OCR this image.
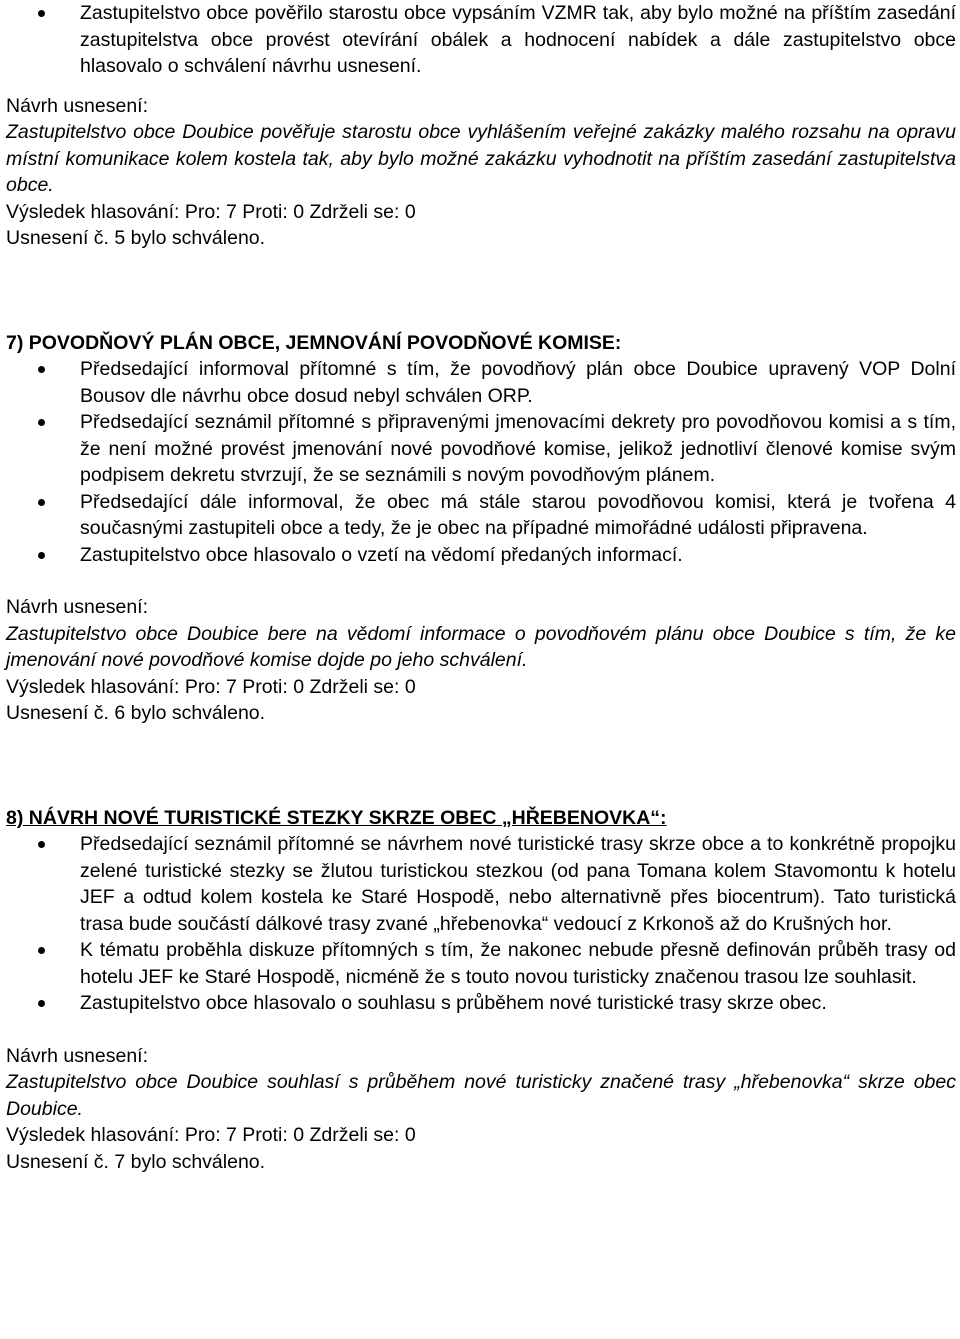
Zastupitelstvo obce pověřilo starostu obce vypsáním VZMR tak, aby bylo možné na příštím zasedání zastupitelstva obce provést otevírání obálek a hodnocení nabídek a dále zastupitelstvo obce hlasovalo o schválení návrhu usnesení.

Návrh usnesení:

Zastupitelstvo obce Doubice pověřuje starostu obce vyhlášením veřejné zakázky malého rozsahu na opravu místní komunikace kolem kostela tak, aby bylo možné zakázku vyhodnotit na příštím zasedání zastupitelstva obce.

Výsledek hlasování: Pro: 7 Proti: 0 Zdrželi se: 0

Usnesení č. 5 bylo schváleno.

7) POVODŇOVÝ PLÁN OBCE, JEMNOVÁNÍ POVODŇOVÉ KOMISE:

Předsedající informoval přítomné s tím, že povodňový plán obce Doubice upravený VOP Dolní Bousov dle návrhu obce dosud nebyl schválen ORP.
Předsedající seznámil přítomné s připravenými jmenovacími dekrety pro povodňovou komisi a s tím, že není možné provést jmenování nové povodňové komise, jelikož jednotliví členové komise svým podpisem dekretu stvrzují, že se seznámili s novým povodňovým plánem.
Předsedající dále informoval, že obec má stále starou povodňovou komisi, která je tvořena 4 současnými zastupiteli obce a tedy, že je obec na případné mimořádné události připravena.
Zastupitelstvo obce hlasovalo o vzetí na vědomí předaných informací.

Návrh usnesení:

Zastupitelstvo obce Doubice bere na vědomí informace o povodňovém plánu obce Doubice s tím, že ke jmenování nové povodňové komise dojde po jeho schválení.

Výsledek hlasování: Pro: 7 Proti: 0 Zdrželi se: 0

Usnesení č. 6 bylo schváleno.

8) NÁVRH NOVÉ TURISTICKÉ STEZKY SKRZE OBEC „HŘEBENOVKA“:

Předsedající seznámil přítomné se návrhem nové turistické trasy skrze obce a to konkrétně propojku zelené turistické stezky se žlutou turistickou stezkou (od pana Tomana kolem Stavomontu k hotelu JEF a odtud kolem kostela ke Staré Hospodě, nebo alternativně přes biocentrum). Tato turistická trasa bude součástí dálkové trasy zvané „hřebenovka“ vedoucí z Krkonoš až do Krušných hor.
K tématu proběhla diskuze přítomných s tím, že nakonec nebude přesně definován průběh trasy od hotelu JEF ke Staré Hospodě, nicméně že s touto novou turisticky značenou trasou lze souhlasit.
Zastupitelstvo obce hlasovalo o souhlasu s průběhem nové turistické trasy skrze obec.

Návrh usnesení:

Zastupitelstvo obce Doubice souhlasí s průběhem nové turisticky značené trasy „hřebenovka“ skrze obec Doubice.

Výsledek hlasování: Pro: 7 Proti: 0 Zdrželi se: 0

Usnesení č. 7 bylo schváleno.
